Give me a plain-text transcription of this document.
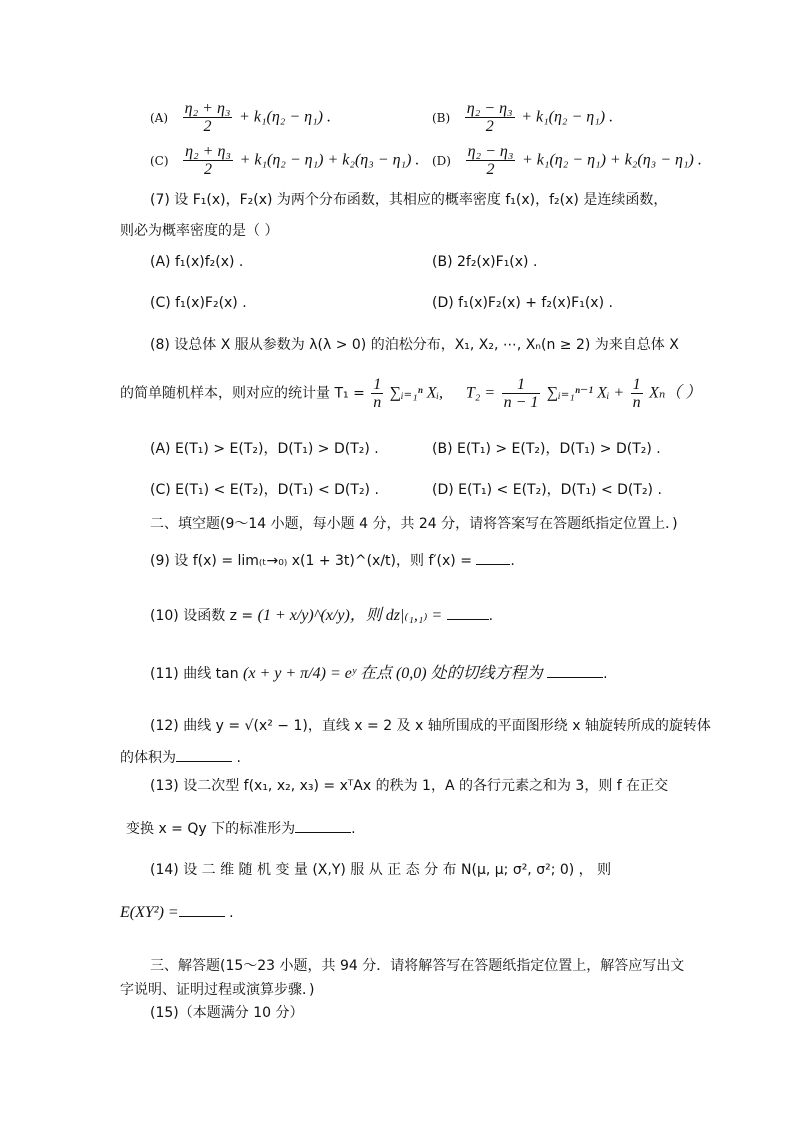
$(A) \frac{\text{η₂ + η₃}}{2} + k_1(\eta_2 - \eta_1)$ .	$(B) \frac{\text{η₂ − η₃}}{2} + k_1(\eta_2 - \eta_1)$ .
$(C) \frac{\text{η₂ + η₃}}{2} + k_1(\eta_2 - \eta_1) + k_2(\eta_3 - \eta_1)$ . $(D) \frac{\text{η₂ − η₃}}{2} + k_1(\eta_2 - \eta_1) + k_2(\eta_3 - \eta_1)$ .
(7) 设 F₁(x)，F₂(x) 为两个分布函数，其相应的概率密度 f₁(x)，f₂(x) 是连续函数，
则必为概率密度的是（ ）
(A) f₁(x)f₂(x) .	(B) 2f₂(x)F₁(x) .
(C) f₁(x)F₂(x) .	(D) f₁(x)F₂(x) + f₂(x)F₁(x) .
(8) 设总体 X 服从参数为 λ(λ > 0) 的泊松分布，X₁, X₂, ⋯, Xₙ(n ≥ 2) 为来自总体 X
的简单随机样本，则对应的统计量 $T_1 = \frac{1}{n}$ ∑ᵢ₌₁ⁿ Xᵢ, $T_2 = \frac{1}{n - 1}$ ∑ᵢ₌₁ⁿ⁻¹ Xᵢ + $\frac{1}{n} X_n$（ ）
(A) E(T₁) > E(T₂)，D(T₁) > D(T₂) .	(B) E(T₁) > E(T₂)，D(T₁) > D(T₂) .
(C) E(T₁) < E(T₂)，D(T₁) < D(T₂) .	(D) E(T₁) < E(T₂)，D(T₁) < D(T₂) .
二、填空题(9～14 小题，每小题 4 分，共 24 分，请将答案写在答题纸指定位置上．)
(9) 设 f(x) = lim₍ₜ→₀₎ x(1 + 3t)^(x/t)，则 f′(x) =	.
(10) 设函数 z = (1 + x/y)^(x/y)，则 dz|₍₁,₁₎ =	.
(11) 曲线 tan (x + y + π/4) = eʸ 在点 (0,0) 处的切线方程为	.
(12) 曲线 y = √(x² − 1)，直线 x = 2 及 x 轴所围成的平面图形绕 x 轴旋转所成的旋转体
的体积为	.
(13) 设二次型 f(x₁, x₂, x₃) = xᵀAx 的秩为 1，A 的各行元素之和为 3，则 f 在正交
变换 x = Qy 下的标准形为	.
(14) 设 二 维 随 机 变 量 (X,Y) 服 从 正 态 分 布 N(μ, μ; σ², σ²; 0) ， 则
E(XY²) =	.
三、解答题(15～23 小题，共 94 分．请将解答写在答题纸指定位置上，解答应写出文
字说明、证明过程或演算步骤．)
(15)（本题满分 10 分）
